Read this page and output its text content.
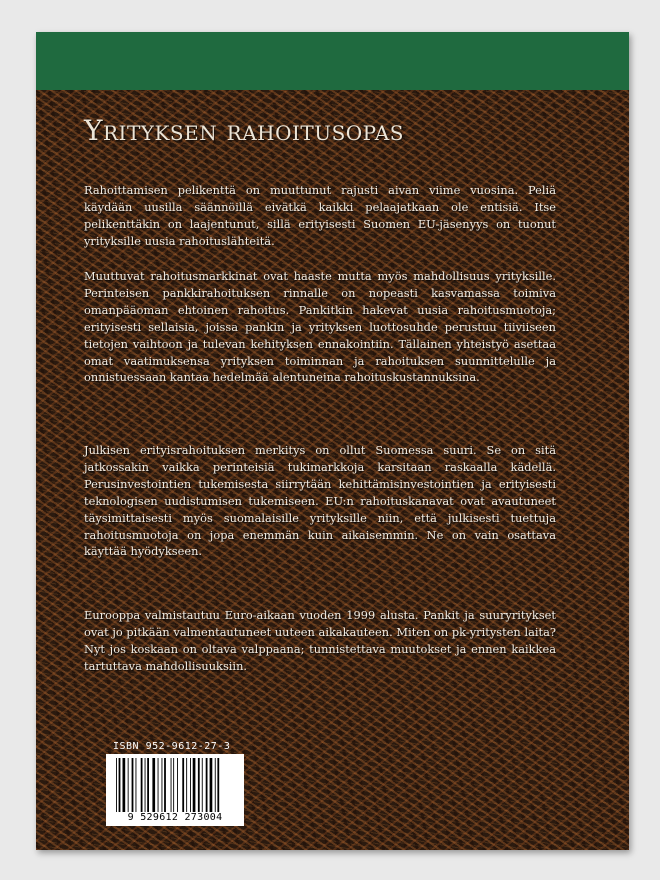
Yrityksen rahoitusopas
Rahoittamisen pelikenttä on muuttunut rajusti aivan viime vuosina. Peliä käydään uusilla säännöillä eivätkä kaikki pelaajatkaan ole entisiä. Itse pelikenttäkin on laajentunut, sillä erityisesti Suomen EU-jäsenyys on tuonut yrityksille uusia rahoituslähteitä.
Muuttuvat rahoitusmarkkinat ovat haaste mutta myös mahdollisuus yrityksille. Perinteisen pankkirahoituksen rinnalle on nopeasti kasvamassa toimiva omanpääoman ehtoinen rahoitus. Pankitkin hakevat uusia rahoitusmuotoja; erityisesti sellaisia, joissa pankin ja yrityksen luottosuhde perustuu tiiviiseen tietojen vaihtoon ja tulevan kehityksen ennakointiin. Tällainen yhteistyö asettaa omat vaatimuksensa yrityksen toiminnan ja rahoituksen suunnittelulle ja onnistuessaan kantaa hedelmää alentuneina rahoituskustannuksina.
Julkisen erityisrahoituksen merkitys on ollut Suomessa suuri. Se on sitä jatkossakin vaikka perinteisiä tukimarkkoja karsitaan raskaalla kädellä. Perusinvestointien tukemisesta siirrytään kehittämisinvestointien ja erityisesti teknologisen uudistumisen tukemiseen. EU:n rahoituskanavat ovat avautuneet täysimittaisesti myös suomalaisille yrityksille niin, että julkisesti tuettuja rahoitusmuotoja on jopa enemmän kuin aikaisemmin. Ne on vain osattava käyttää hyödykseen.
Eurooppa valmistautuu Euro-aikaan vuoden 1999 alusta. Pankit ja suuryritykset ovat jo pitkään valmentautuneet uuteen aikakauteen. Miten on pk-yritysten laita? Nyt jos koskaan on oltava valppaana; tunnistettava muutokset ja ennen kaikkea tartuttava mahdollisuuksiin.
ISBN 952-9612-27-3
9 529612 273004
